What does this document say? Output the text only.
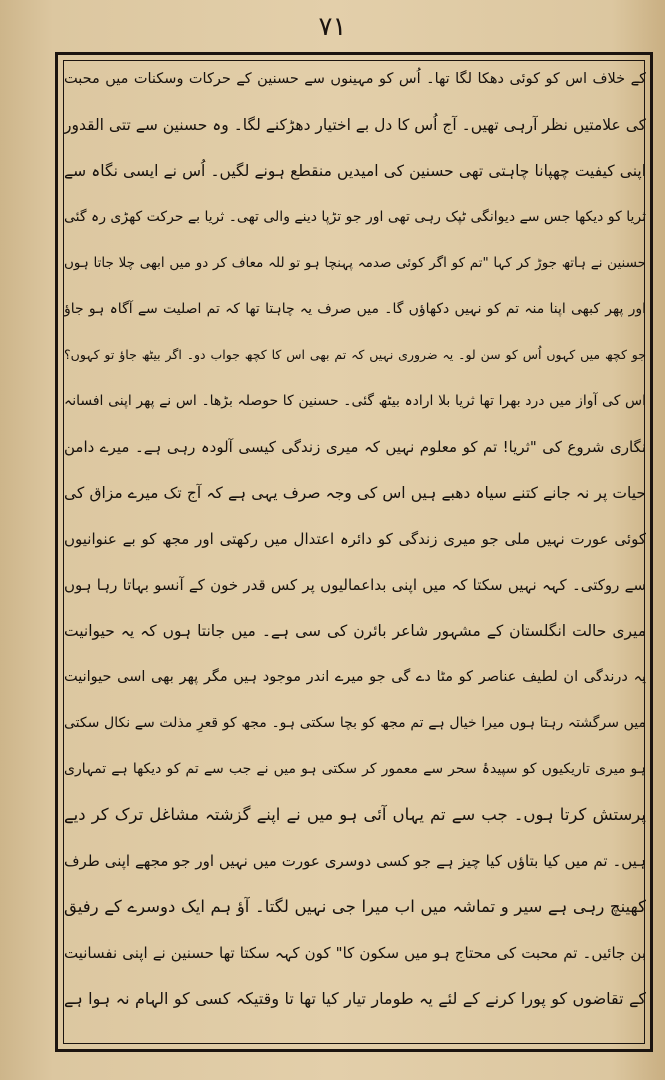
۷۱
کے خلاف اس کو کوئی دھکا لگا تھا۔ اُس کو مہینوں سے حسنین کے حرکات وسکنات میں محبت
کی علامتیں نظر آرہی تھیں۔ آج اُس کا دل بے اختیار دھڑکنے لگا۔ وہ حسنین سے تتی القدور
اپنی کیفیت چھپانا چاہتی تھی حسنین کی امیدیں منقطع ہونے لگیں۔ اُس نے ایسی نگاہ سے
ثریا کو دیکھا جس سے دیوانگی ٹپک رہی تھی اور جو تڑپا دینے والی تھی۔ ثریا بے حرکت کھڑی رہ گئی
حسنین نے ہاتھ جوڑ کر کہا "تم کو اگر کوئی صدمہ پہنچا ہو تو للہ معاف کر دو میں ابھی چلا جاتا ہوں
اور پھر کبھی اپنا منہ تم کو نہیں دکھاؤں گا۔ میں صرف یہ چاہتا تھا کہ تم اصلیت سے آگاہ ہو جاؤ
جو کچھ میں کہوں اُس کو سن لو۔ یہ ضروری نہیں کہ تم بھی اس کا کچھ جواب دو۔ اگر بیٹھ جاؤ تو کہوں؟
اس کی آواز میں درد بھرا تھا ثریا بلا ارادہ بیٹھ گئی۔ حسنین کا حوصلہ بڑھا۔ اس نے پھر اپنی افسانہ
نگاری شروع کی "ثریا! تم کو معلوم نہیں کہ میری زندگی کیسی آلودہ رہی ہے۔ میرے دامن
حیات پر نہ جانے کتنے سیاہ دھبے ہیں اس کی وجہ صرف یہی ہے کہ آج تک میرے مزاق کی
کوئی عورت نہیں ملی جو میری زندگی کو دائرہ اعتدال میں رکھتی اور مجھ کو بے عنوانیوں
سے روکتی۔ کہہ نہیں سکتا کہ میں اپنی بداعمالیوں پر کس قدر خون کے آنسو بہاتا رہا ہوں
میری حالت انگلستان کے مشہور شاعر بائرن کی سی ہے۔ میں جانتا ہوں کہ یہ حیوانیت
یہ درندگی ان لطیف عناصر کو مٹا دے گی جو میرے اندر موجود ہیں مگر پھر بھی اسی حیوانیت
میں سرگشتہ رہتا ہوں میرا خیال ہے تم مجھ کو بچا سکتی ہو۔ مجھ کو قعرِ مذلت سے نکال سکتی
ہو میری تاریکیوں کو سپیدۂ سحر سے معمور کر سکتی ہو میں نے جب سے تم کو دیکھا ہے تمہاری
پرستش کرتا ہوں۔ جب سے تم یہاں آئی ہو میں نے اپنے گزشتہ مشاغل ترک کر دیے
ہیں۔ تم میں کیا بتاؤں کیا چیز ہے جو کسی دوسری عورت میں نہیں اور جو مجھے اپنی طرف
کھینچ رہی ہے سیر و تماشہ میں اب میرا جی نہیں لگتا۔ آؤ ہم ایک دوسرے کے رفیق
بن جائیں۔ تم محبت کی محتاج ہو میں سکون کا" کون کہہ سکتا تھا حسنین نے اپنی نفسانیت
کے تقاضوں کو پورا کرنے کے لئے یہ طومار تیار کیا تھا تا وقتیکہ کسی کو الہام نہ ہوا ہے
